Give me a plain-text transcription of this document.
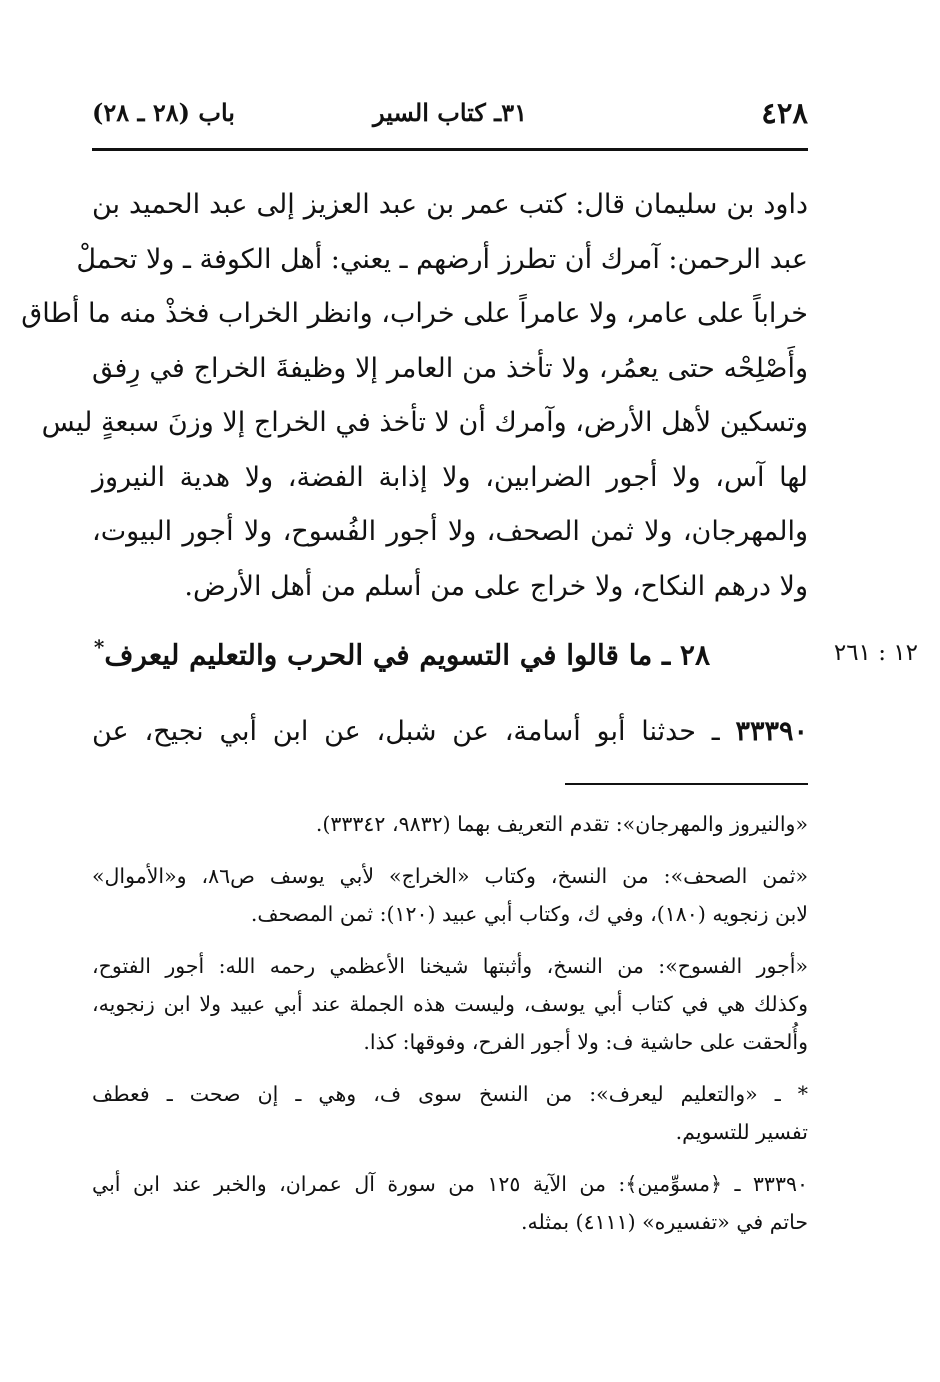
٤٢٨
٣١ـ كتاب السير
باب (٢٨ ـ ٢٨)
داود بن سليمان قال: كتب عمر بن عبد العزيز إلى عبد الحميد بن
عبد الرحمن: آمرك أن تطرز أرضهم ـ يعني: أهل الكوفة ـ ولا تحملْ
خراباً على عامر، ولا عامراً على خراب، وانظر الخراب فخذْ منه ما أطاق
وأَصْلِحْه حتى يعمُر، ولا تأخذ من العامر إلا وظيفةَ الخراج في رِفق
وتسكين لأهل الأرض، وآمرك أن لا تأخذ في الخراج إلا وزنَ سبعةٍ ليس
لها آس، ولا أجور الضرابين، ولا إذابة الفضة، ولا هدية النيروز
والمهرجان، ولا ثمن الصحف، ولا أجور الفُسوح، ولا أجور البيوت،
ولا درهم النكاح، ولا خراج على من أسلم من أهل الأرض.
١٢ : ٢٦١
٢٨ ـ ما قالوا في التسويم في الحرب والتعليم ليعرف*
٣٣٣٩٠ ـ حدثنا أبو أسامة، عن شبل، عن ابن أبي نجيح، عن
«والنيروز والمهرجان»: تقدم التعريف بهما (٩٨٣٢، ٣٣٣٤٢).
«ثمن الصحف»: من النسخ، وكتاب «الخراج» لأبي يوسف ص٨٦، و«الأموال»
لابن زنجويه (١٨٠)، وفي ك، وكتاب أبي عبيد (١٢٠): ثمن المصحف.
«أجور الفسوح»: من النسخ، وأثبتها شيخنا الأعظمي رحمه الله: أجور الفتوح،
وكذلك هي في كتاب أبي يوسف، وليست هذه الجملة عند أبي عبيد ولا ابن زنجويه،
وأُلحقت على حاشية ف: ولا أجور الفرح، وفوقها: كذا.
* ـ «والتعليم ليعرف»: من النسخ سوى ف، وهي ـ إن صحت ـ فعطف
تفسير للتسويم.
٣٣٣٩٠ ـ ﴿مسوِّمين﴾: من الآية ١٢٥ من سورة آل عمران، والخبر عند ابن أبي
حاتم في «تفسيره» (٤١١١) بمثله.
